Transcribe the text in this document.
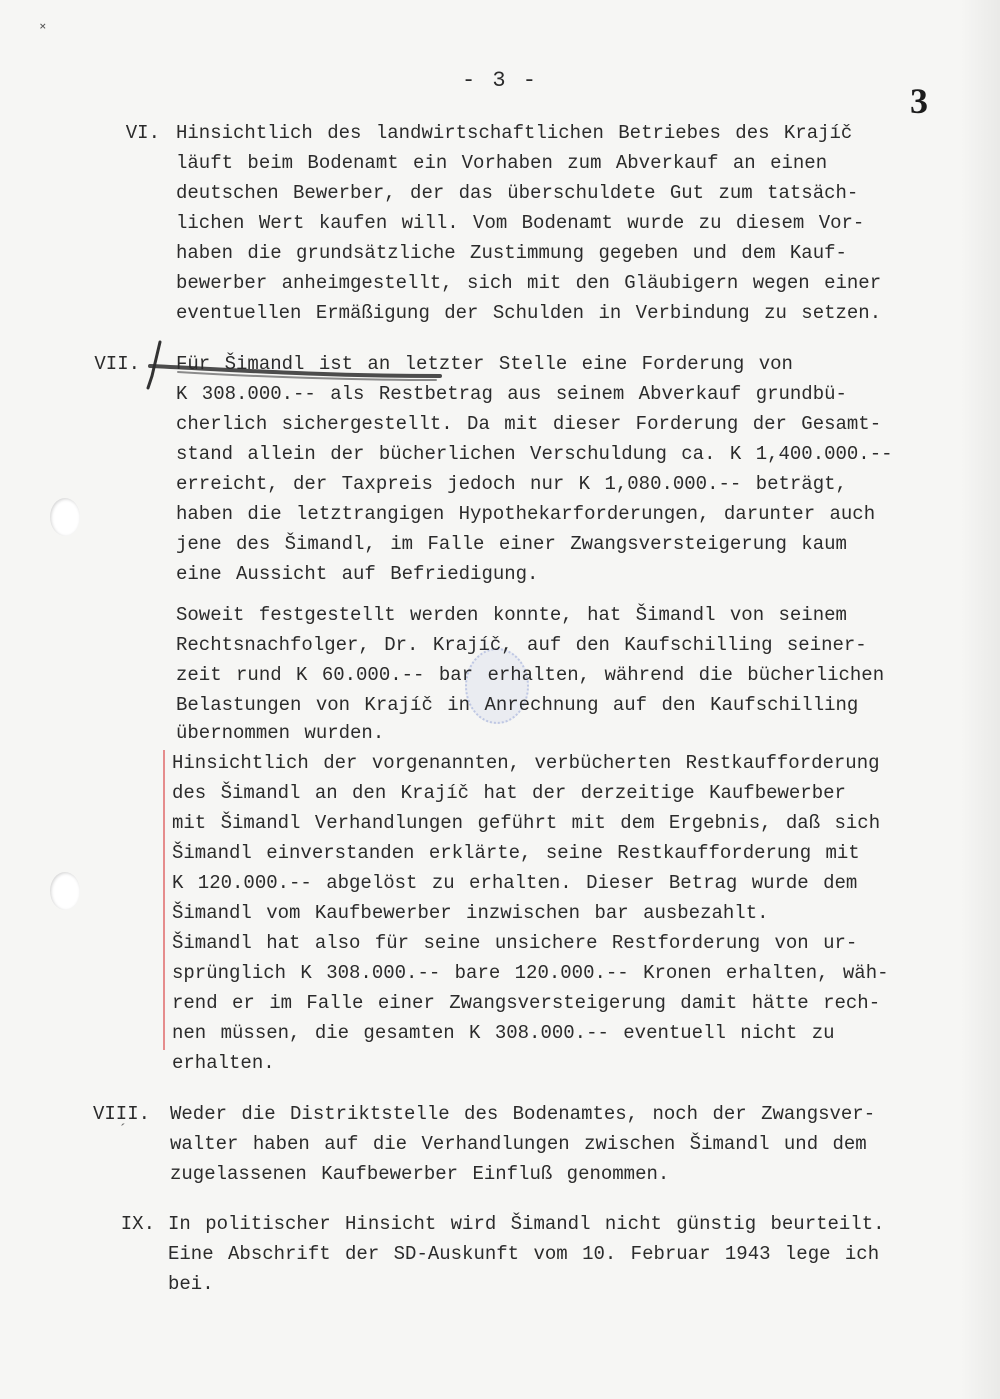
˟
´
- 3 -
3
VI. Hinsichtlich des landwirtschaftlichen Betriebes des Krajíč
läuft beim Bodenamt ein Vorhaben zum Abverkauf an einen
deutschen Bewerber, der das überschuldete Gut zum tatsäch-
lichen Wert kaufen will. Vom Bodenamt wurde zu diesem Vor-
haben die grundsätzliche Zustimmung gegeben und dem Kauf-
bewerber anheimgestellt, sich mit den Gläubigern wegen einer
eventuellen Ermäßigung der Schulden in Verbindung zu setzen.
VII. Für Šimandl ist an letzter Stelle eine Forderung von
K 308.000.-- als Restbetrag aus seinem Abverkauf grundbü-
cherlich sichergestellt. Da mit dieser Forderung der Gesamt-
stand allein der bücherlichen Verschuldung ca. K 1,400.000.--
erreicht, der Taxpreis jedoch nur K 1,080.000.-- beträgt,
haben die letztrangigen Hypothekarforderungen, darunter auch
jene des Šimandl, im Falle einer Zwangsversteigerung kaum
eine Aussicht auf Befriedigung.
Soweit festgestellt werden konnte, hat Šimandl von seinem
Rechtsnachfolger, Dr. Krajíč, auf den Kaufschilling seiner-
zeit rund K 60.000.-- bar erhalten, während die bücherlichen
Belastungen von Krajíč in Anrechnung auf den Kaufschilling
übernommen wurden.
Hinsichtlich der vorgenannten, verbücherten Restkaufforderung
des Šimandl an den Krajíč hat der derzeitige Kaufbewerber
mit Šimandl Verhandlungen geführt mit dem Ergebnis, daß sich
Šimandl einverstanden erklärte, seine Restkaufforderung mit
K 120.000.-- abgelöst zu erhalten. Dieser Betrag wurde dem
Šimandl vom Kaufbewerber inzwischen bar ausbezahlt.
Šimandl hat also für seine unsichere Restforderung von ur-
sprünglich K 308.000.-- bare 120.000.-- Kronen erhalten, wäh-
rend er im Falle einer Zwangsversteigerung damit hätte rech-
nen müssen, die gesamten K 308.000.-- eventuell nicht zu
erhalten.
VIII. Weder die Distriktstelle des Bodenamtes, noch der Zwangsver-
walter haben auf die Verhandlungen zwischen Šimandl und dem
zugelassenen Kaufbewerber Einfluß genommen.
IX. In politischer Hinsicht wird Šimandl nicht günstig beurteilt.
Eine Abschrift der SD-Auskunft vom 10. Februar 1943 lege ich
bei.
